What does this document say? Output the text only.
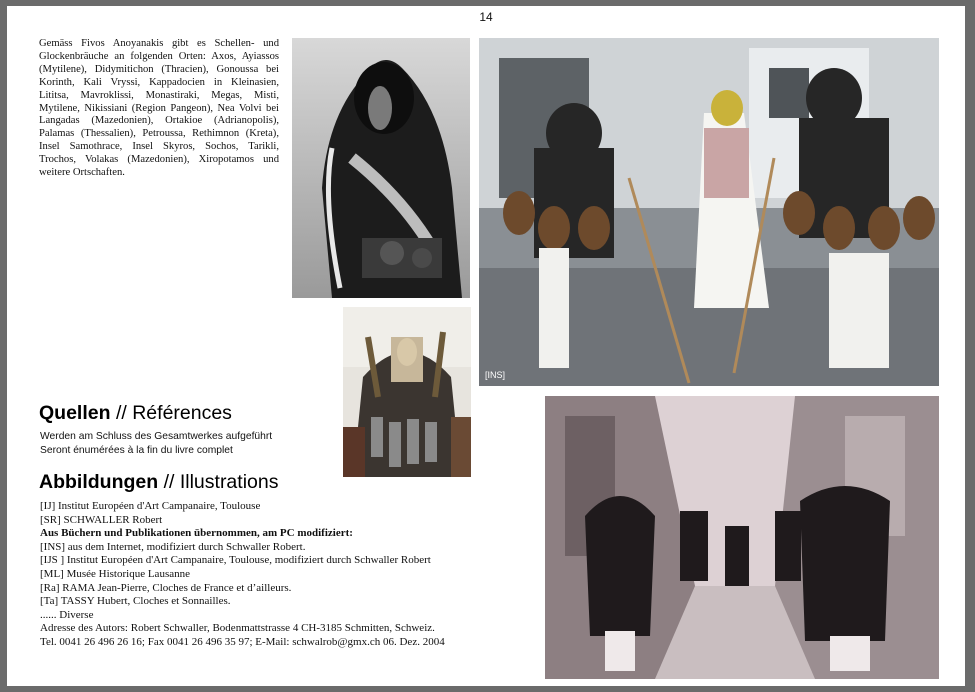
14
Gemäss Fivos Anoyanakis gibt es Schellen- und Glockenbräuche an folgenden Orten: Axos, Ayiassos (Mytilene), Didymitichon (Thracien), Gonoussa bei Korinth, Kali Vryssi, Kappadocien in Kleinasien, Lititsa, Mavroklissi, Monastiraki, Megas, Misti, Mytilene, Nikissiani (Region Pangeon), Nea Volvi bei Langadas (Mazedonien), Ortakioe (Adrianopolis), Palamas (Thessalien), Petroussa, Rethimnon (Kreta), Insel Samothrace, Insel Skyros, Sochos, Tarikli, Trochos, Volakas (Mazedonien), Xiropotamos und weitere Ortschaften.
[INS]
Quellen // Références
Werden am Schluss des Gesamtwerkes aufgeführt
Seront énumérées à la fin du livre complet
Abbildungen // Illustrations
[IJ] Institut Européen d'Art Campanaire, Toulouse
[SR] SCHWALLER Robert
Aus Büchern und Publikationen übernommen, am PC modifiziert:
[INS] aus dem Internet, modifiziert durch Schwaller Robert.
[IJS ] Institut Européen d'Art Campanaire, Toulouse, modifiziert durch Schwaller Robert
[ML] Musée Historique Lausanne
[Ra] RAMA Jean-Pierre, Cloches de France et d’ailleurs.
[Ta] TASSY Hubert, Cloches et Sonnailles.
...... Diverse
Adresse des Autors: Robert Schwaller, Bodenmattstrasse 4 CH-3185 Schmitten, Schweiz.
Tel. 0041 26 496 26 16; Fax 0041 26 496 35 97; E-Mail: schwalrob@gmx.ch 06. Dez. 2004
